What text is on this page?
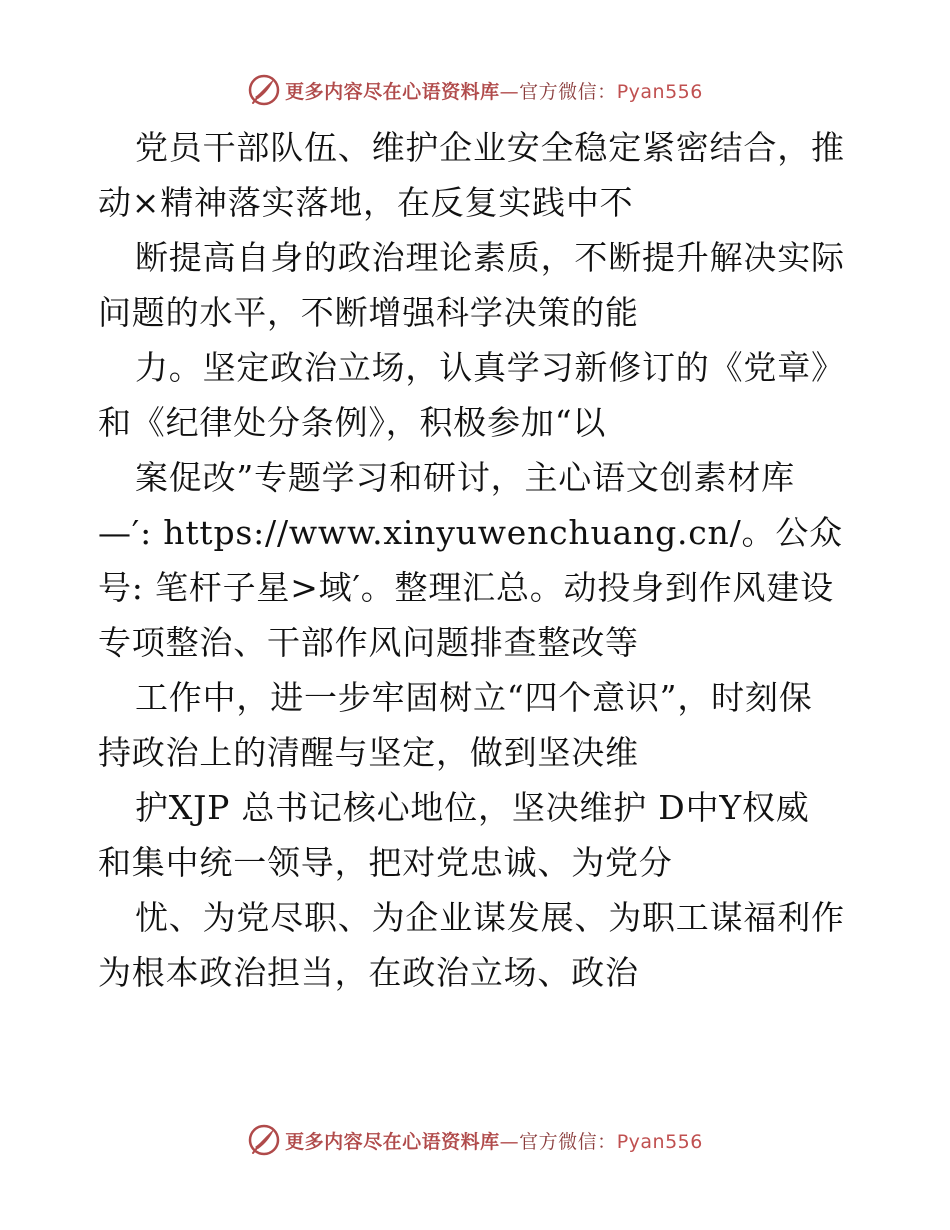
更多内容尽在心语资料库—官方微信：Pyan556
党员干部队伍、维护企业安全稳定紧密结合，推
动×精神落实落地，在反复实践中不
断提高自身的政治理论素质，不断提升解决实际
问题的水平，不断增强科学决策的能
力。坚定政治立场，认真学习新修订的《党章》
和《纪律处分条例》，积极参加“以
案促改”专题学习和研讨，主心语文创素材库
—′: https://www.xinyuwenchuang.cn/。公众
号: 笔杆子星>域′。整理汇总。动投身到作风建设
专项整治、干部作风问题排查整改等
工作中，进一步牢固树立“四个意识”，时刻保
持政治上的清醒与坚定，做到坚决维
护XJP 总书记核心地位，坚决维护 D中Y权威
和集中统一领导，把对党忠诚、为党分
忧、为党尽职、为企业谋发展、为职工谋福利作
为根本政治担当，在政治立场、政治
更多内容尽在心语资料库—官方微信：Pyan556
